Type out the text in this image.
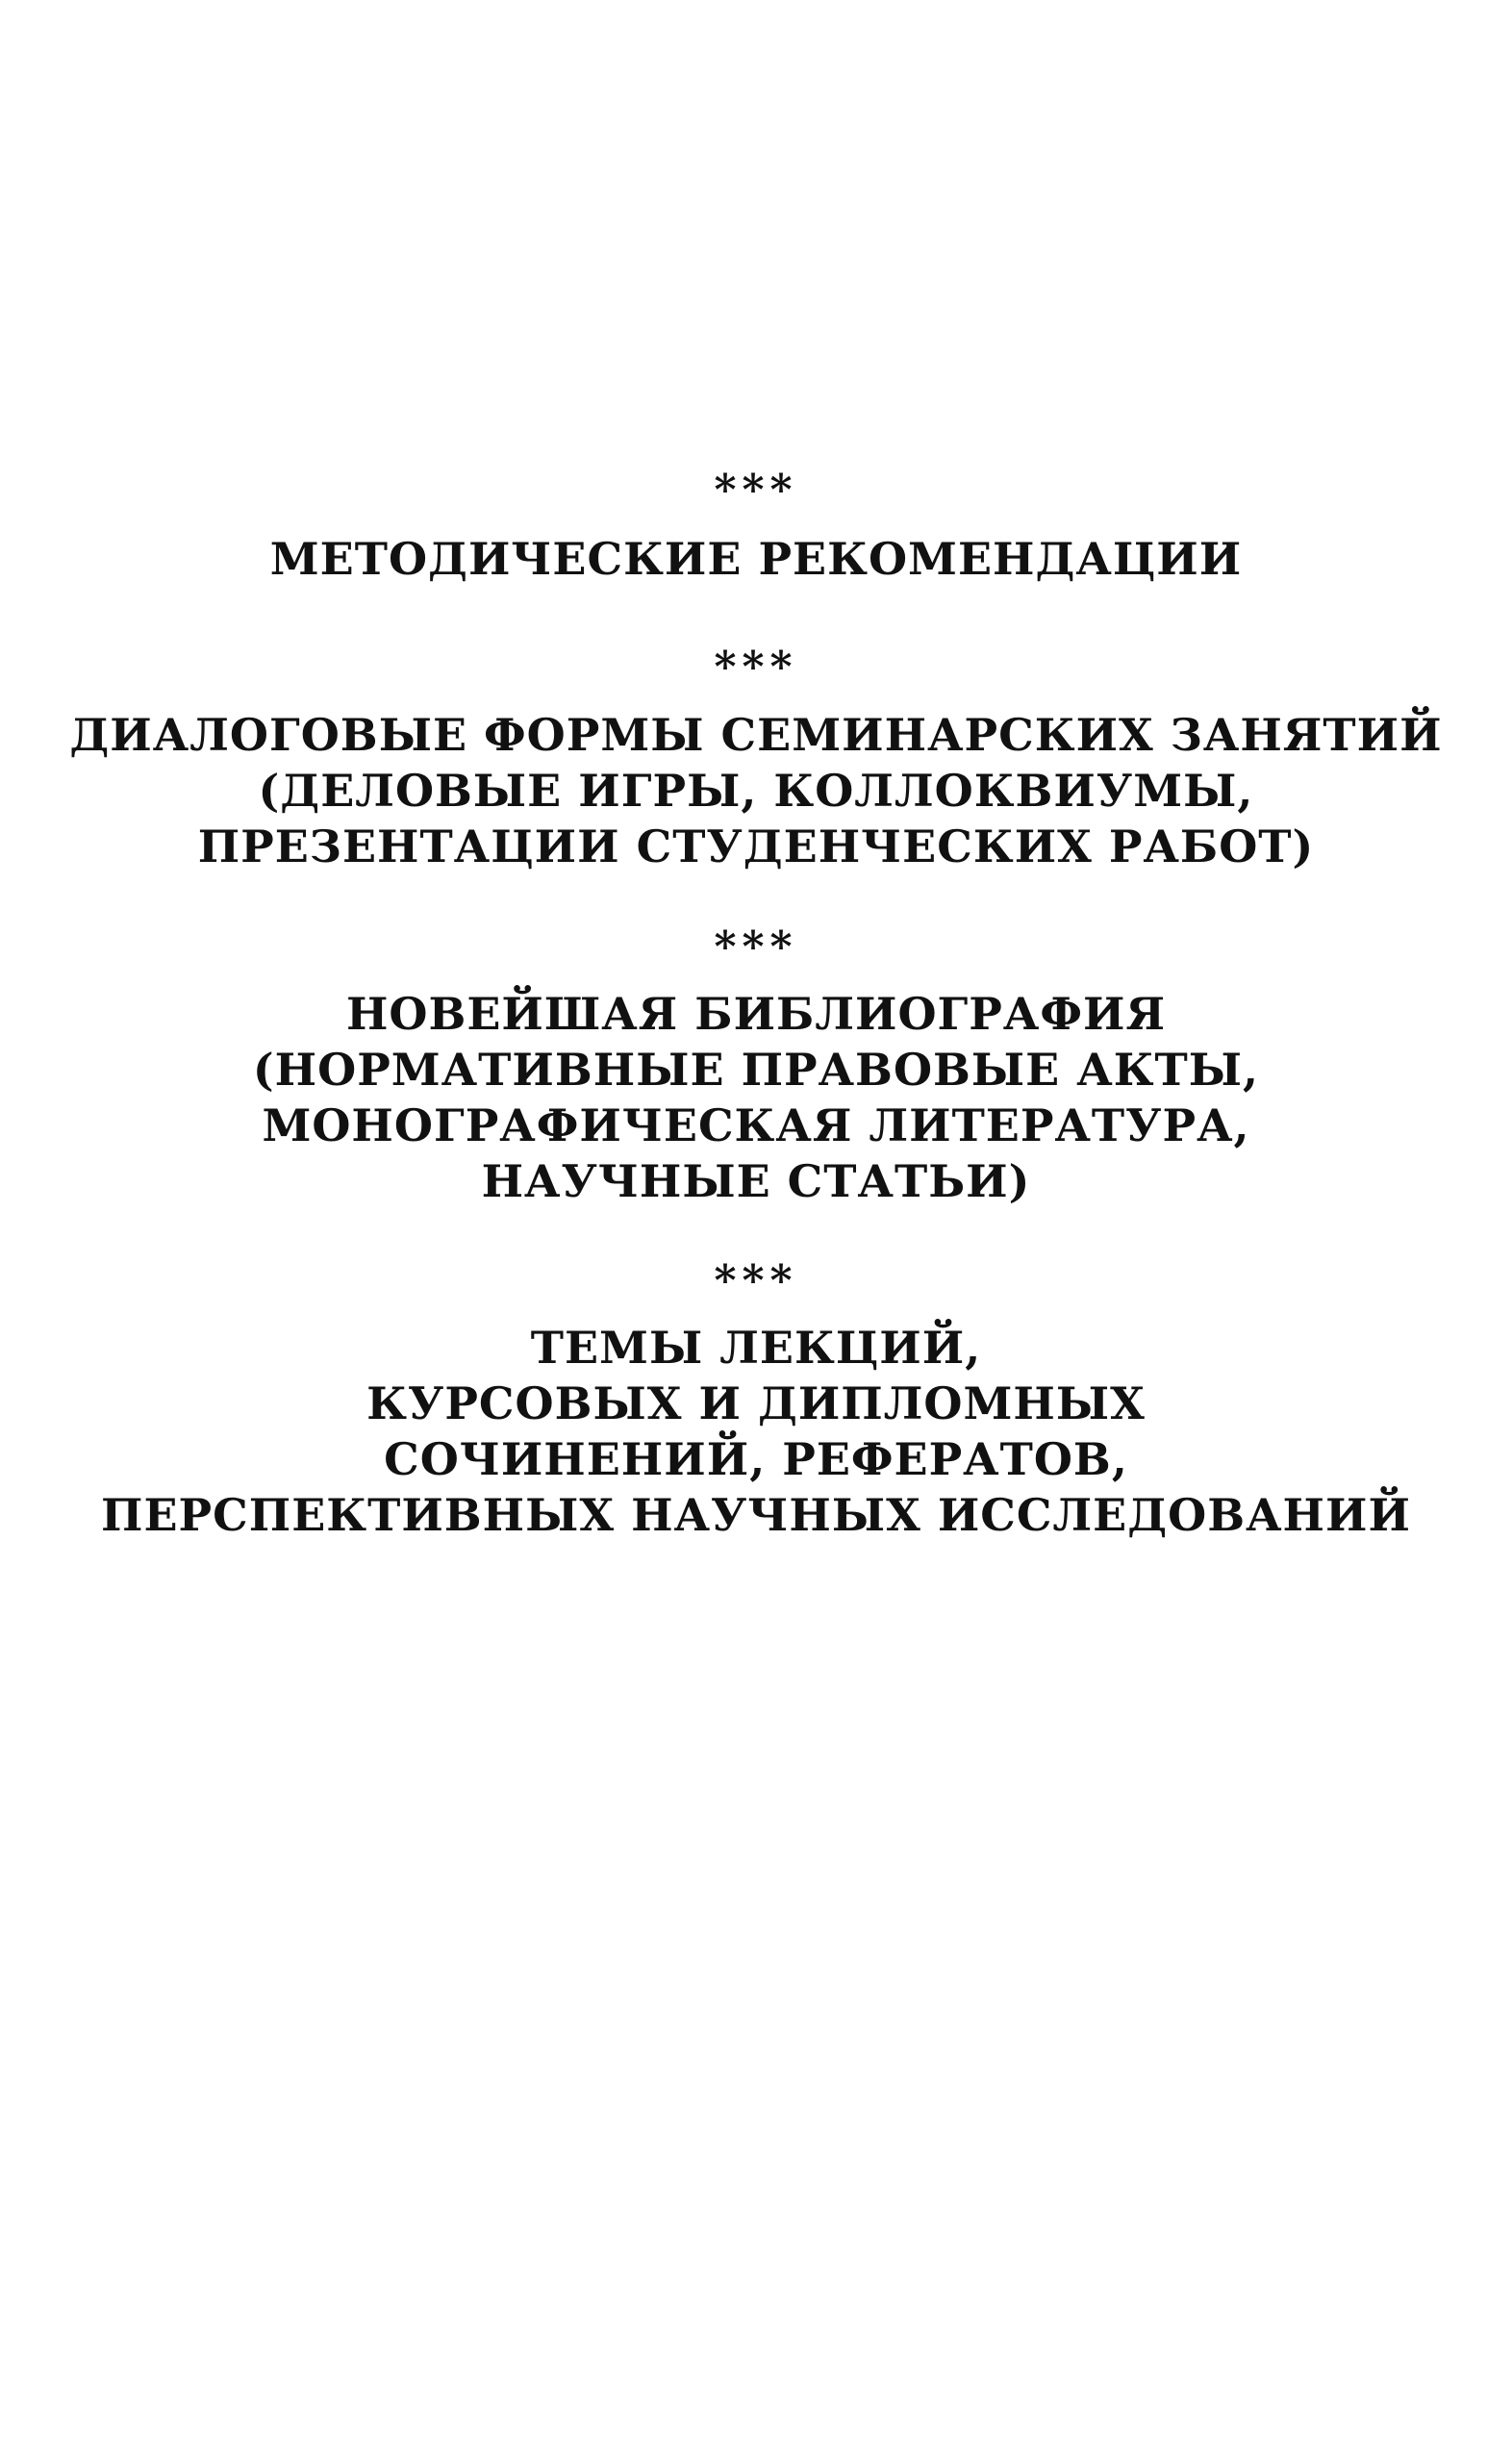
***

МЕТОДИЧЕСКИЕ РЕКОМЕНДАЦИИ

***

ДИАЛОГОВЫЕ ФОРМЫ СЕМИНАРСКИХ ЗАНЯТИЙ
(ДЕЛОВЫЕ ИГРЫ, КОЛЛОКВИУМЫ,
ПРЕЗЕНТАЦИИ СТУДЕНЧЕСКИХ РАБОТ)

***

НОВЕЙШАЯ БИБЛИОГРАФИЯ
(НОРМАТИВНЫЕ ПРАВОВЫЕ АКТЫ,
МОНОГРАФИЧЕСКАЯ ЛИТЕРАТУРА,
НАУЧНЫЕ СТАТЬИ)

***

ТЕМЫ ЛЕКЦИЙ,
КУРСОВЫХ И ДИПЛОМНЫХ
СОЧИНЕНИЙ, РЕФЕРАТОВ,
ПЕРСПЕКТИВНЫХ НАУЧНЫХ ИССЛЕДОВАНИЙ
